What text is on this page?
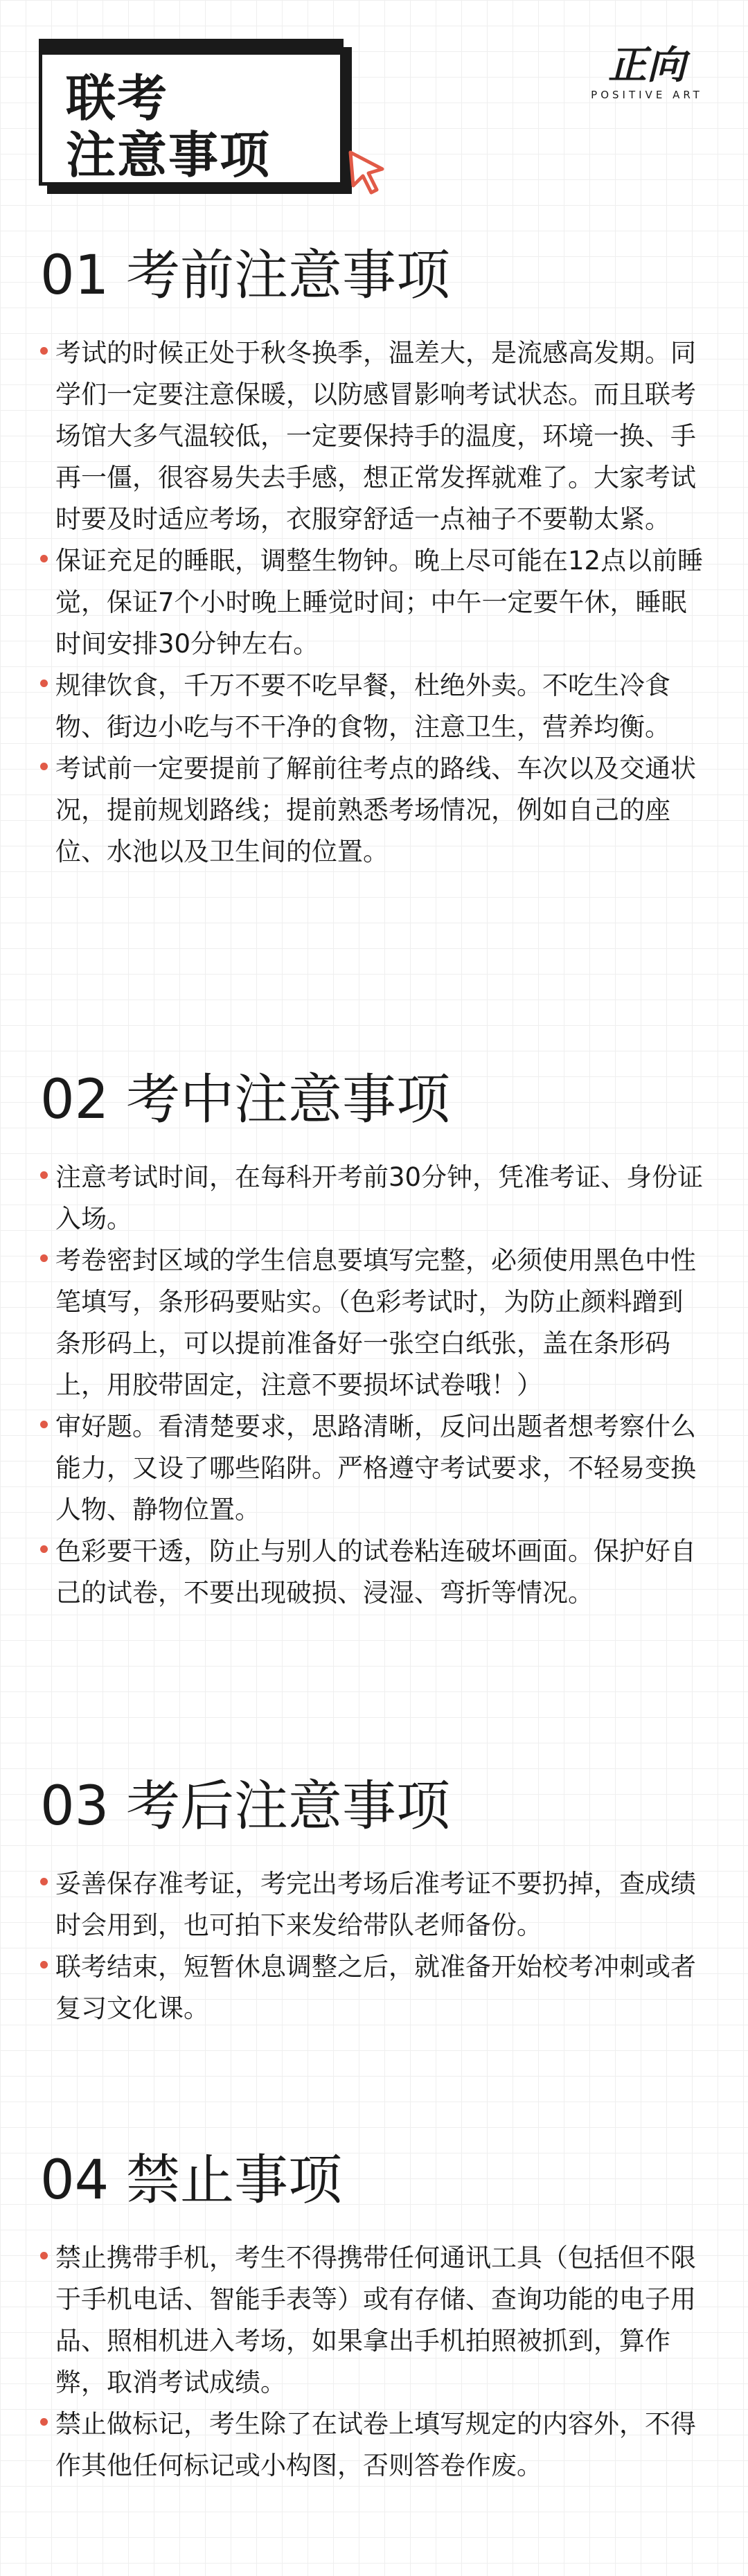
联考
注意事项
正向
POSITIVE ART
01 考前注意事项
考试的时候正处于秋冬换季，温差大，是流感高发期。同学们一定要注意保暖，以防感冒影响考试状态。而且联考场馆大多气温较低，一定要保持手的温度，环境一换、手再一僵，很容易失去手感，想正常发挥就难了。大家考试时要及时适应考场，衣服穿舒适一点袖子不要勒太紧。
保证充足的睡眠，调整生物钟。晚上尽可能在12点以前睡觉，保证7个小时晚上睡觉时间；中午一定要午休，睡眠时间安排30分钟左右。
规律饮食，千万不要不吃早餐，杜绝外卖。不吃生冷食物、街边小吃与不干净的食物，注意卫生，营养均衡。
考试前一定要提前了解前往考点的路线、车次以及交通状况，提前规划路线；提前熟悉考场情况，例如自己的座位、水池以及卫生间的位置。
02 考中注意事项
注意考试时间，在每科开考前30分钟，凭准考证、身份证入场。
考卷密封区域的学生信息要填写完整，必须使用黑色中性笔填写，条形码要贴实。（色彩考试时，为防止颜料蹭到条形码上，可以提前准备好一张空白纸张，盖在条形码上，用胶带固定，注意不要损坏试卷哦！）
审好题。看清楚要求，思路清晰，反问出题者想考察什么能力，又设了哪些陷阱。严格遵守考试要求，不轻易变换人物、静物位置。
色彩要干透，防止与别人的试卷粘连破坏画面。保护好自己的试卷，不要出现破损、浸湿、弯折等情况。
03 考后注意事项
妥善保存准考证，考完出考场后准考证不要扔掉，查成绩时会用到，也可拍下来发给带队老师备份。
联考结束，短暂休息调整之后，就准备开始校考冲刺或者复习文化课。
04 禁止事项
禁止携带手机，考生不得携带任何通讯工具（包括但不限于手机电话、智能手表等）或有存储、查询功能的电子用品、照相机进入考场，如果拿出手机拍照被抓到，算作弊，取消考试成绩。
禁止做标记，考生除了在试卷上填写规定的内容外，不得作其他任何标记或小构图，否则答卷作废。
